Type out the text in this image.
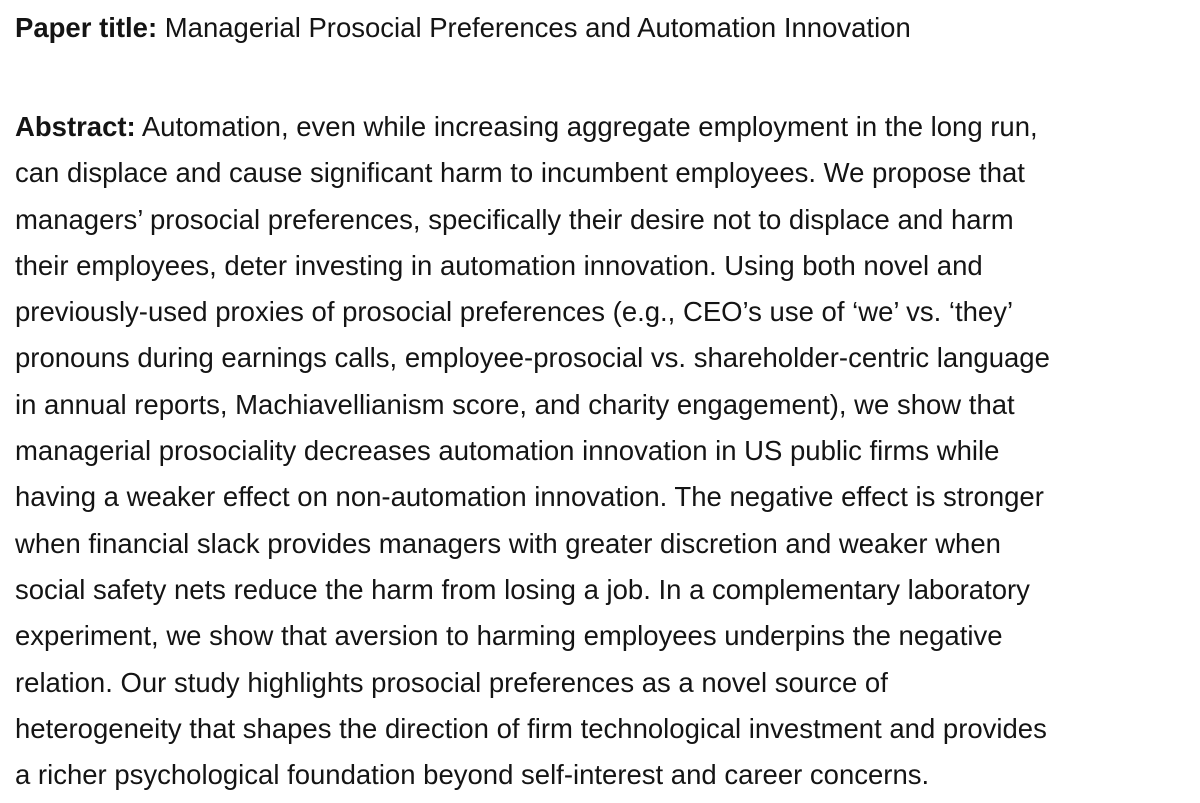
Paper title: Managerial Prosocial Preferences and Automation Innovation

Abstract: Automation, even while increasing aggregate employment in the long run,
can displace and cause significant harm to incumbent employees. We propose that
managers’ prosocial preferences, specifically their desire not to displace and harm
their employees, deter investing in automation innovation. Using both novel and
previously-used proxies of prosocial preferences (e.g., CEO’s use of ‘we’ vs. ‘they’
pronouns during earnings calls, employee-prosocial vs. shareholder-centric language
in annual reports, Machiavellianism score, and charity engagement), we show that
managerial prosociality decreases automation innovation in US public firms while
having a weaker effect on non-automation innovation. The negative effect is stronger
when financial slack provides managers with greater discretion and weaker when
social safety nets reduce the harm from losing a job. In a complementary laboratory
experiment, we show that aversion to harming employees underpins the negative
relation. Our study highlights prosocial preferences as a novel source of
heterogeneity that shapes the direction of firm technological investment and provides
a richer psychological foundation beyond self-interest and career concerns.
